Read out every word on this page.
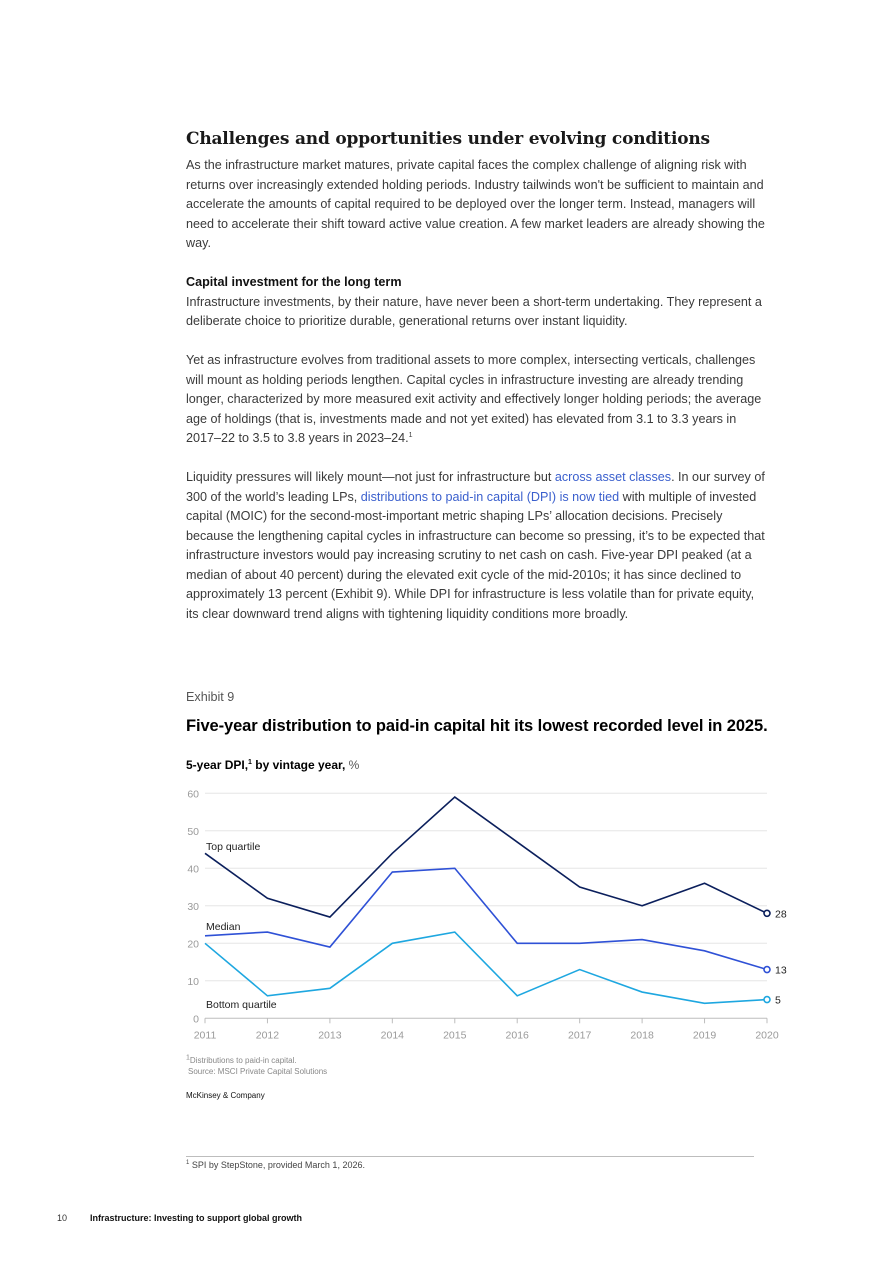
Challenges and opportunities under evolving conditions

As the infrastructure market matures, private capital faces the complex challenge of aligning risk with returns over increasingly extended holding periods. Industry tailwinds won't be sufficient to maintain and accelerate the amounts of capital required to be deployed over the longer term. Instead, managers will need to accelerate their shift toward active value creation. A few market leaders are already showing the way.

Capital investment for the long term

Infrastructure investments, by their nature, have never been a short-term undertaking. They represent a deliberate choice to prioritize durable, generational returns over instant liquidity.

Yet as infrastructure evolves from traditional assets to more complex, intersecting verticals, challenges will mount as holding periods lengthen. Capital cycles in infrastructure investing are already trending longer, characterized by more measured exit activity and effectively longer holding periods; the average age of holdings (that is, investments made and not yet exited) has elevated from 3.1 to 3.3 years in 2017–22 to 3.5 to 3.8 years in 2023–24.$^1$

Liquidity pressures will likely mount—not just for infrastructure but across asset classes. In our survey of 300 of the world’s leading LPs, distributions to paid-in capital (DPI) is now tied with multiple of invested capital (MOIC) for the second-most-important metric shaping LPs’ allocation decisions. Precisely because the lengthening capital cycles in infrastructure can become so pressing, it’s to be expected that infrastructure investors would pay increasing scrutiny to net cash on cash. Five-year DPI peaked (at a median of about 40 percent) during the elevated exit cycle of the mid-2010s; it has since declined to approximately 13 percent (Exhibit 9). While DPI for infrastructure is less volatile than for private equity, its clear downward trend aligns with tightening liquidity conditions more broadly.

Exhibit 9
Five-year distribution to paid-in capital hit its lowest recorded level in 2025.
5-year DPI,$^1$ by vintage year, %
0
10
20
30
40
50
60
2011	2012	2013	2014	2015	2016	2017	2018	2019	2020
28
Top quartile
13
Median
5
Bottom quartile
$^1$Distributions to paid-in capital.
Source: MSCI Private Capital Solutions
McKinsey & Company
$^1$ SPI by StepStone, provided March 1, 2026.
10	Infrastructure: Investing to support global growth
